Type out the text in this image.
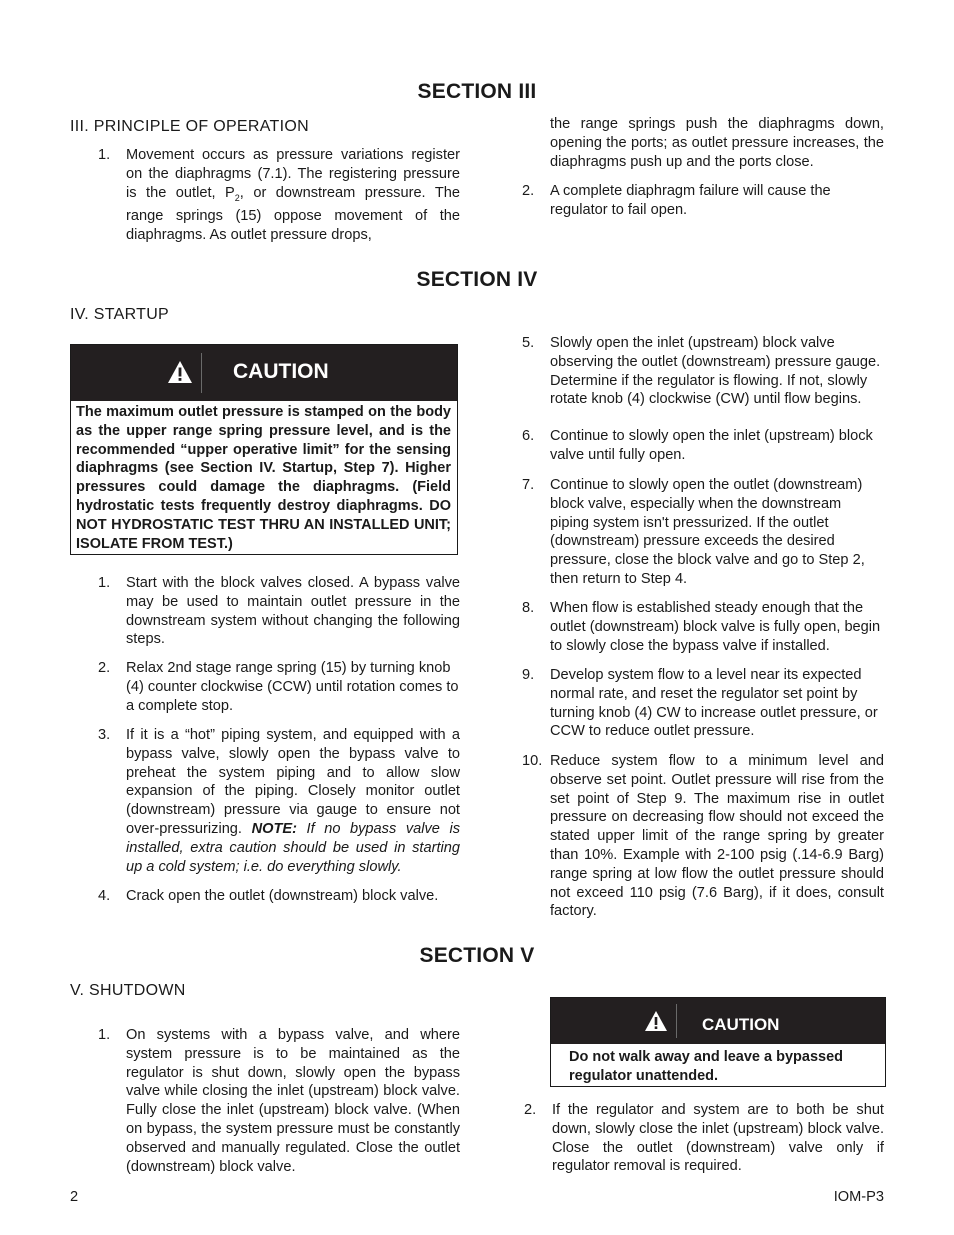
SECTION III
III. PRINCIPLE OF OPERATION
1. Movement occurs as pressure variations register on the diaphragms (7.1). The registering pressure is the outlet, $P_2$, or downstream pressure. The range springs (15) oppose movement of the diaphragms. As outlet pressure drops,
the range springs push the diaphragms down, opening the ports; as outlet pressure increases, the diaphragms push up and the ports close.
2. A complete diaphragm failure will cause the regulator to fail open.
SECTION IV
IV. STARTUP
CAUTION
The maximum outlet pressure is stamped on the body as the upper range spring pressure level, and is the recommended “upper operative limit” for the sensing diaphragms (see Section IV. Startup, Step 7). Higher pressures could damage the diaphragms. (Field hydrostatic tests frequently destroy diaphragms. DO NOT HYDROSTATIC TEST THRU AN INSTALLED UNIT; ISOLATE FROM TEST.)
1. Start with the block valves closed. A bypass valve may be used to maintain outlet pressure in the downstream system without changing the following steps.
2. Relax 2nd stage range spring (15) by turning knob (4) counter clockwise (CCW) until rotation comes to a complete stop.
3. If it is a “hot” piping system, and equipped with a bypass valve, slowly open the bypass valve to preheat the system piping and to allow slow expansion of the piping. Closely monitor outlet (downstream) pressure via gauge to ensure not over-pressurizing. NOTE: If no bypass valve is installed, extra caution should be used in starting up a cold system; i.e. do everything slowly.
4. Crack open the outlet (downstream) block valve.
5. Slowly open the inlet (upstream) block valve observing the outlet (downstream) pressure gauge. Determine if the regulator is flowing. If not, slowly rotate knob (4) clockwise (CW) until flow begins.
6. Continue to slowly open the inlet (upstream) block valve until fully open.
7. Continue to slowly open the outlet (downstream) block valve, especially when the downstream piping system isn't pressurized. If the outlet (downstream) pressure exceeds the desired pressure, close the block valve and go to Step 2, then return to Step 4.
8. When flow is established steady enough that the outlet (downstream) block valve is fully open, begin to slowly close the bypass valve if installed.
9. Develop system flow to a level near its expected normal rate, and reset the regulator set point by turning knob (4) CW to increase outlet pressure, or CCW to reduce outlet pressure.
10. Reduce system flow to a minimum level and observe set point. Outlet pressure will rise from the set point of Step 9. The maximum rise in outlet pressure on decreasing flow should not exceed the stated upper limit of the range spring by greater than 10%. Example with 2-100 psig (.14-6.9 Barg) range spring at low flow the outlet pressure should not exceed 110 psig (7.6 Barg), if it does, consult factory.
SECTION V
V. SHUTDOWN
1. On systems with a bypass valve, and where system pressure is to be maintained as the regulator is shut down, slowly open the bypass valve while closing the inlet (upstream) block valve. Fully close the inlet (upstream) block valve. (When on bypass, the system pressure must be constantly observed and manually regulated. Close the outlet (downstream) block valve.
CAUTION
Do not walk away and leave a bypassed regulator unattended.
2. If the regulator and system are to both be shut down, slowly close the inlet (upstream) block valve. Close the outlet (downstream) valve only if regulator removal is required.
2	IOM-P3
